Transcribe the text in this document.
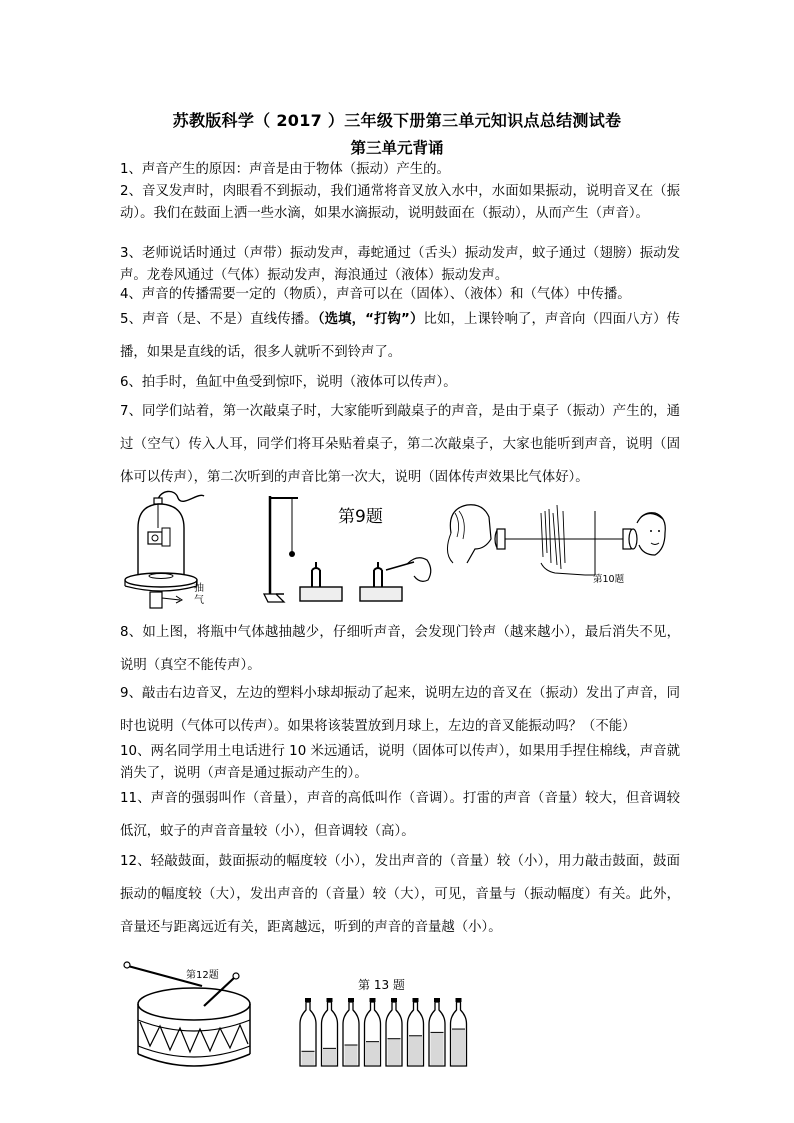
苏教版科学（ 2017 ）三年级下册第三单元知识点总结测试卷
第三单元背诵

1、声音产生的原因：声音是由于物体（振动）产生的。

2、音叉发声时，肉眼看不到振动，我们通常将音叉放入水中，水面如果振动，说明音叉在（振动）。我们在鼓面上洒一些水滴，如果水滴振动，说明鼓面在（振动），从而产生（声音）。

3、老师说话时通过（声带）振动发声，毒蛇通过（舌头）振动发声，蚊子通过（翅膀）振动发声。龙卷风通过（气体）振动发声，海浪通过（液体）振动发声。

4、声音的传播需要一定的（物质），声音可以在（固体）、（液体）和（气体）中传播。

5、声音（是、不是）直线传播。（选填，“打钩”）比如，上课铃响了，声音向（四面八方）传播，如果是直线的话，很多人就听不到铃声了。

6、拍手时，鱼缸中鱼受到惊吓，说明（液体可以传声）。

7、同学们站着，第一次敲桌子时，大家能听到敲桌子的声音，是由于桌子（振动）产生的，通过（空气）传入人耳，同学们将耳朵贴着桌子，第二次敲桌子，大家也能听到声音，说明（固体可以传声），第二次听到的声音比第一次大，说明（固体传声效果比气体好）。

抽气
第9题
第10题

8、如上图，将瓶中气体越抽越少，仔细听声音，会发现门铃声（越来越小），最后消失不见，说明（真空不能传声）。

9、敲击右边音叉，左边的塑料小球却振动了起来，说明左边的音叉在（振动）发出了声音，同时也说明（气体可以传声）。如果将该装置放到月球上，左边的音叉能振动吗？（不能）

10、两名同学用土电话进行 10 米远通话，说明（固体可以传声），如果用手捏住棉线，声音就消失了，说明（声音是通过振动产生的）。

11、声音的强弱叫作（音量），声音的高低叫作（音调）。打雷的声音（音量）较大，但音调较低沉，蚊子的声音音量较（小），但音调较（高）。

12、轻敲鼓面，鼓面振动的幅度较（小），发出声音的（音量）较（小），用力敲击鼓面，鼓面振动的幅度较（大），发出声音的（音量）较（大），可见，音量与（振动幅度）有关。此外，音量还与距离远近有关，距离越远，听到的声音的音量越（小）。

第12题
第 13 题
